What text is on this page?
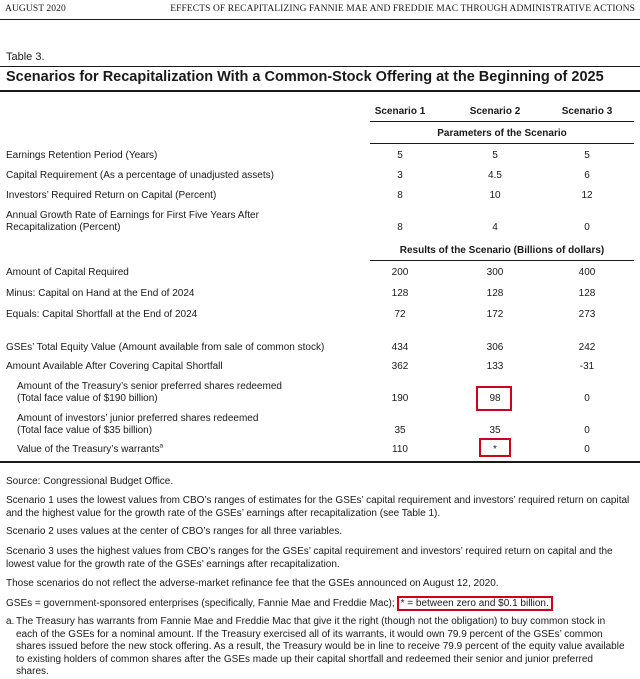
AUGUST 2020	EFFECTS OF RECAPITALIZING FANNIE MAE AND FREDDIE MAC THROUGH ADMINISTRATIVE ACTIONS
Table 3.
Scenarios for Recapitalization With a Common-Stock Offering at the Beginning of 2025
Scenario 1	Scenario 2	Scenario 3
Parameters of the Scenario
Earnings Retention Period (Years)	5	5	5
Capital Requirement (As a percentage of unadjusted assets)	3	4.5	6
Investors’ Required Return on Capital (Percent)	8	10	12
Annual Growth Rate of Earnings for First Five Years After
Recapitalization (Percent)	8	4	0
Results of the Scenario (Billions of dollars)
Amount of Capital Required	200	300	400
Minus: Capital on Hand at the End of 2024	128	128	128
Equals: Capital Shortfall at the End of 2024	72	172	273
GSEs’ Total Equity Value (Amount available from sale of common stock)	434	306	242
Amount Available After Covering Capital Shortfall	362	133	-31
Amount of the Treasury’s senior preferred shares redeemed
(Total face value of $190 billion)	190	98	0
Amount of investors’ junior preferred shares redeemed
(Total face value of $35 billion)	35	35	0
Value of the Treasury’s warrants$^a$	110	*	0
Source: Congressional Budget Office.
Scenario 1 uses the lowest values from CBO’s ranges of estimates for the GSEs’ capital requirement and investors’ required return on capital and the highest value for the growth rate of the GSEs’ earnings after recapitalization (see Table 1).
Scenario 2 uses values at the center of CBO’s ranges for all three variables.
Scenario 3 uses the highest values from CBO’s ranges for the GSEs’ capital requirement and investors’ required return on capital and the lowest value for the growth rate of the GSEs’ earnings after recapitalization.
Those scenarios do not reflect the adverse-market refinance fee that the GSEs announced on August 12, 2020.
GSEs = government-sponsored enterprises (specifically, Fannie Mae and Freddie Mac); * = between zero and $0.1 billion.
a. The Treasury has warrants from Fannie Mae and Freddie Mac that give it the right (though not the obligation) to buy common stock in each of the GSEs for a nominal amount. If the Treasury exercised all of its warrants, it would own 79.9 percent of the GSEs’ common shares issued before the new stock offering. As a result, the Treasury would be in line to receive 79.9 percent of the equity value available to existing holders of common shares after the GSEs made up their capital shortfall and redeemed their senior and junior preferred shares.
